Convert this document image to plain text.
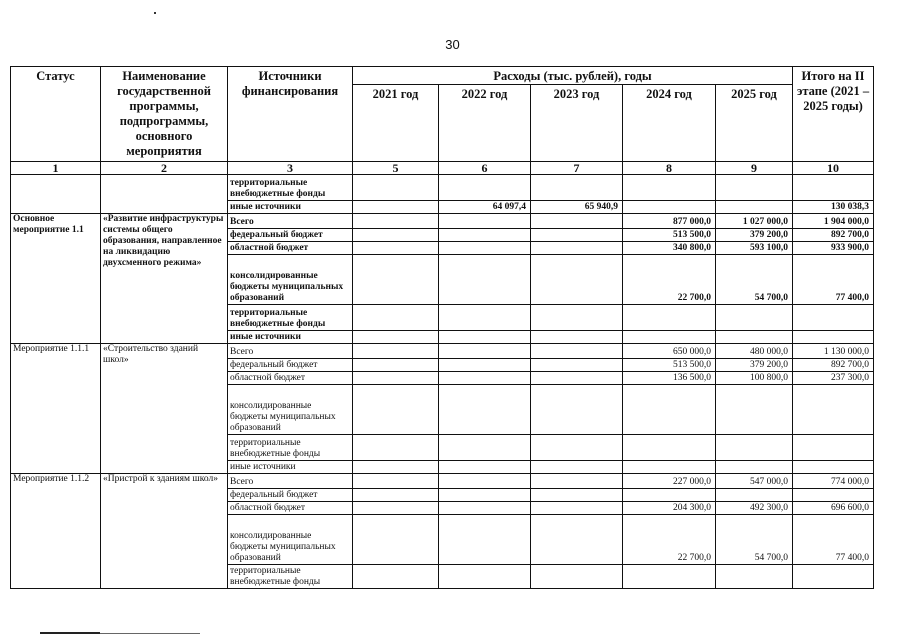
30
Статус	Наименование государственной программы, подпрограммы, основного мероприятия	Источники финансирования	Расходы (тыс. рублей), годы					Итого на II этапе (2021 – 2025 годы)
			2021 год	2022 год	2023 год	2024 год	2025 год	
1	2	3	5	6	7	8	9	10
		территориальные внебюджетные фонды						
		иные источники		64 097,4	65 940,9			130 038,3
Основное мероприятие 1.1	«Развитие инфраструктуры системы общего образования, направленное на ликвидацию двухсменного режима»	Всего				877 000,0	1 027 000,0	1 904 000,0
		федеральный бюджет				513 500,0	379 200,0	892 700,0
		областной бюджет				340 800,0	593 100,0	933 900,0
		консолидированные бюджеты муниципальных образований				22 700,0	54 700,0	77 400,0
		территориальные внебюджетные фонды						
		иные источники						
Мероприятие 1.1.1	«Строительство зданий школ»	Всего				650 000,0	480 000,0	1 130 000,0
		федеральный бюджет				513 500,0	379 200,0	892 700,0
		областной бюджет				136 500,0	100 800,0	237 300,0
		консолидированные бюджеты муниципальных образований						
		территориальные внебюджетные фонды						
		иные источники						
Мероприятие 1.1.2	«Пристрой к зданиям школ»	Всего				227 000,0	547 000,0	774 000,0
		федеральный бюджет						
		областной бюджет				204 300,0	492 300,0	696 600,0
		консолидированные бюджеты муниципальных образований				22 700,0	54 700,0	77 400,0
		территориальные внебюджетные фонды						
